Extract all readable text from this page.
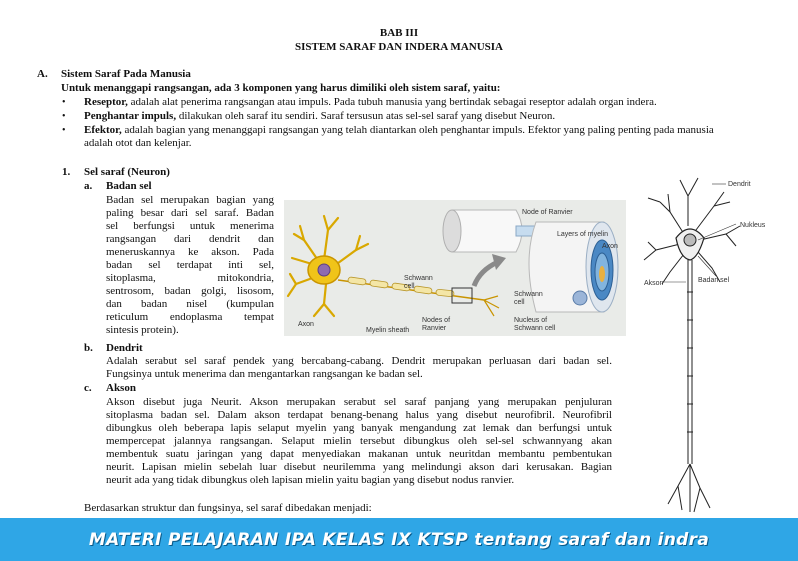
BAB III
SISTEM SARAF DAN INDERA MANUSIA
A. Sistem Saraf Pada Manusia
Untuk menanggapi rangsangan, ada 3 komponen yang harus dimiliki oleh sistem saraf, yaitu:
• Reseptor, adalah alat penerima rangsangan atau impuls. Pada tubuh manusia yang bertindak sebagai reseptor adalah organ indera.
• Penghantar impuls, dilakukan oleh saraf itu sendiri. Saraf tersusun atas sel-sel saraf yang disebut Neuron.
• Efektor, adalah bagian yang menanggapi rangsangan yang telah diantarkan oleh penghantar impuls. Efektor yang paling penting pada manusia
adalah otot dan kelenjar.
1. Sel saraf (Neuron)
a. Badan sel
Badan sel merupakan bagian yang
paling besar dari sel saraf. Badan
sel berfungsi untuk menerima
rangsangan dari dendrit dan
meneruskannya ke akson. Pada
badan sel terdapat inti sel,
sitoplasma, mitokondria,
sentrosom, badan golgi, lisosom,
dan badan nisel (kumpulan
reticulum endoplasma tempat
sintesis protein).
Node of Ranvier
Layers of myelin
Axon
Schwann
cell
Schwann
cell
Nucleus of
Schwann cell
Axon
Myelin sheath
Nodes of
Ranvier
Dendrit
Nukleus
Akson	Badan sel
b. Dendrit
Adalah serabut sel saraf pendek yang bercabang-cabang. Dendrit merupakan perluasan dari badan sel.
Fungsinya untuk menerima dan mengantarkan rangsangan ke badan sel.
c. Akson
Akson disebut juga Neurit. Akson merupakan serabut sel saraf panjang yang merupakan penjuluran
sitoplasma badan sel. Dalam akson terdapat benang-benang halus yang disebut neurofibril. Neurofibril
dibungkus oleh beberapa lapis selaput myelin yang banyak mengandung zat lemak dan berfungsi untuk
mempercepat jalannya rangsangan. Selaput mielin tersebut dibungkus oleh sel-sel schwannyang akan
membentuk suatu jaringan yang dapat menyediakan makanan untuk neuritdan membantu pembentukan
neurit. Lapisan mielin sebelah luar disebut neurilemma yang melindungi akson dari kerusakan. Bagian
neurit ada yang tidak dibungkus oleh lapisan mielin yaitu bagian yang disebut nodus ranvier.
Berdasarkan struktur dan fungsinya, sel saraf dibedakan menjadi:
MATERI PELAJARAN IPA KELAS IX KTSP tentang saraf dan indra
